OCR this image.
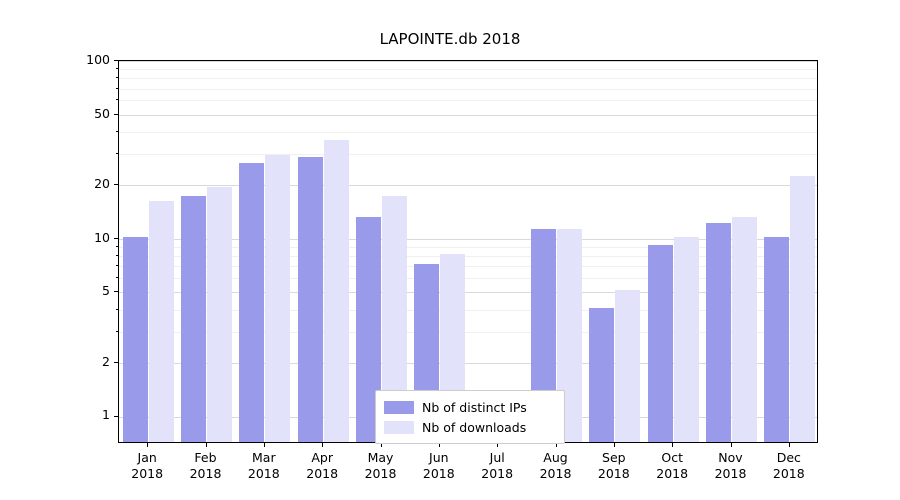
LAPOINTE.db 2018
1
2
5
10
20
50
100
Jan
2018
Feb
2018
Mar
2018
Apr
2018
May
2018
Jun
2018
Jul
2018
Aug
2018
Sep
2018
Oct
2018
Nov
2018
Dec
2018
Nb of distinct IPs
Nb of downloads
